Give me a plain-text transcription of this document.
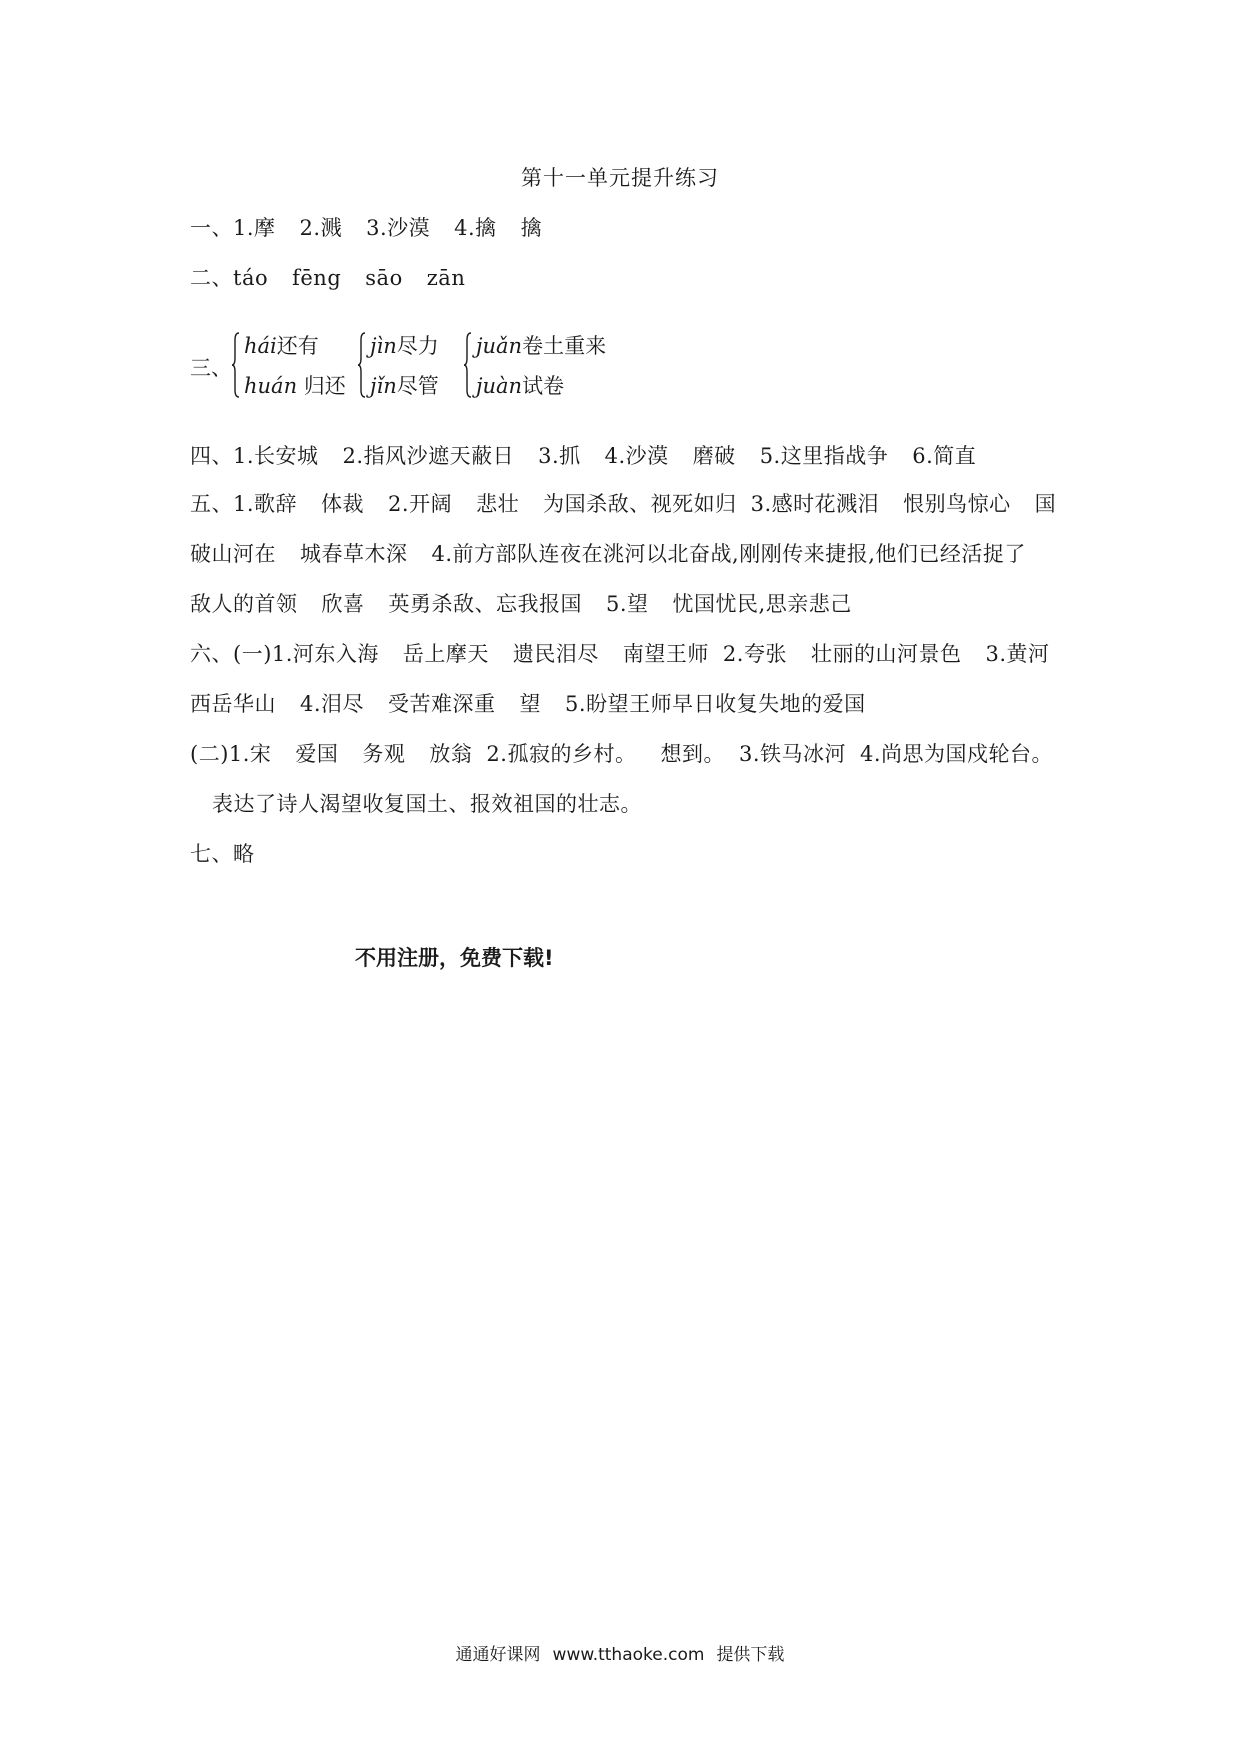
第十一单元提升练习
一、1.摩 2.溅 3.沙漠 4.擒 擒
二、táo fēng sāo zān
三、
hái还有
huán 归还
jìn尽力
jǐn尽管
juǎn卷土重来
juàn试卷
四、1.长安城 2.指风沙遮天蔽日 3.抓 4.沙漠 磨破 5.这里指战争 6.简直
五、1.歌辞 体裁 2.开阔 悲壮 为国杀敌、视死如归 3.感时花溅泪 恨别鸟惊心 国
破山河在 城春草木深 4.前方部队连夜在洮河以北奋战,刚刚传来捷报,他们已经活捉了
敌人的首领 欣喜 英勇杀敌、忘我报国 5.望 忧国忧民,思亲悲己
六、(一)1.河东入海 岳上摩天 遗民泪尽 南望王师 2.夸张 壮丽的山河景色 3.黄河
西岳华山 4.泪尽 受苦难深重 望 5.盼望王师早日收复失地的爱国
(二)1.宋 爱国 务观 放翁 2.孤寂的乡村。 想到。 3.铁马冰河 4.尚思为国戍轮台。
表达了诗人渴望收复国土、报效祖国的壮志。
七、略
不用注册，免费下载!
通通好课网 www.tthaoke.com 提供下载
